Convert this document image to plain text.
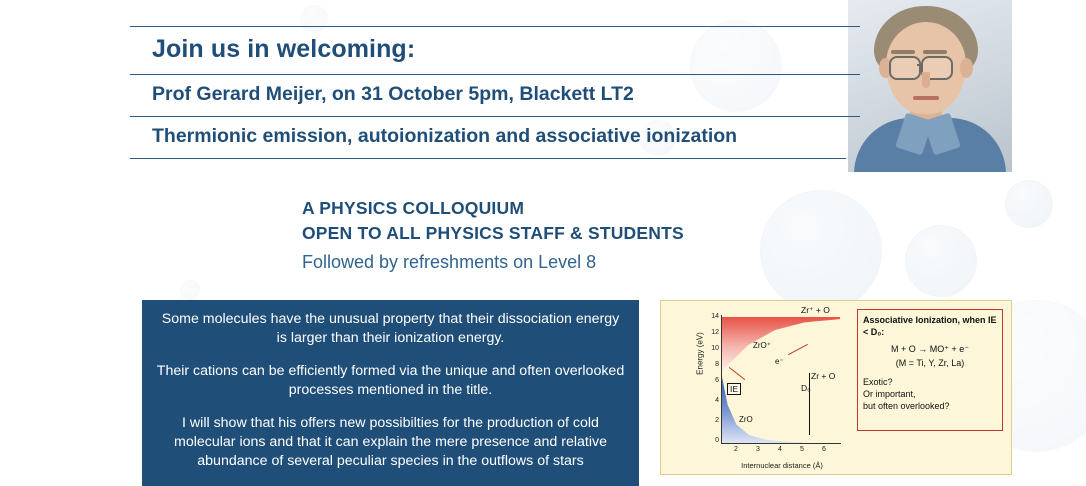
Join us in welcoming:
Prof Gerard Meijer, on 31 October 5pm, Blackett LT2
Thermionic emission, autoionization and associative ionization
A PHYSICS COLLOQUIUM
OPEN TO ALL PHYSICS STAFF & STUDENTS
Followed by refreshments on Level 8

Some molecules have the unusual property that their dissociation energy is larger than their ionization energy.

Their cations can be efficiently formed via the unique and often overlooked processes mentioned in the title.

I will show that his offers new possibilties for the production of cold molecular ions and that it can explain the mere presence and relative abundance of several peculiar species in the outflows of stars

Zr⁺ + O
Zr + O
14
12
10
8
6
4
2
0
2	3	4	5	6
Energy (eV)
Internuclear distance (Å)
ZrO⁺
ZrO
IE	D₀
e⁻
Associative Ionization, when IE < D₀:
M + O → MO⁺ + e⁻
(M = Ti, Y, Zr, La)

Exotic?

Or important,

but often overlooked?
